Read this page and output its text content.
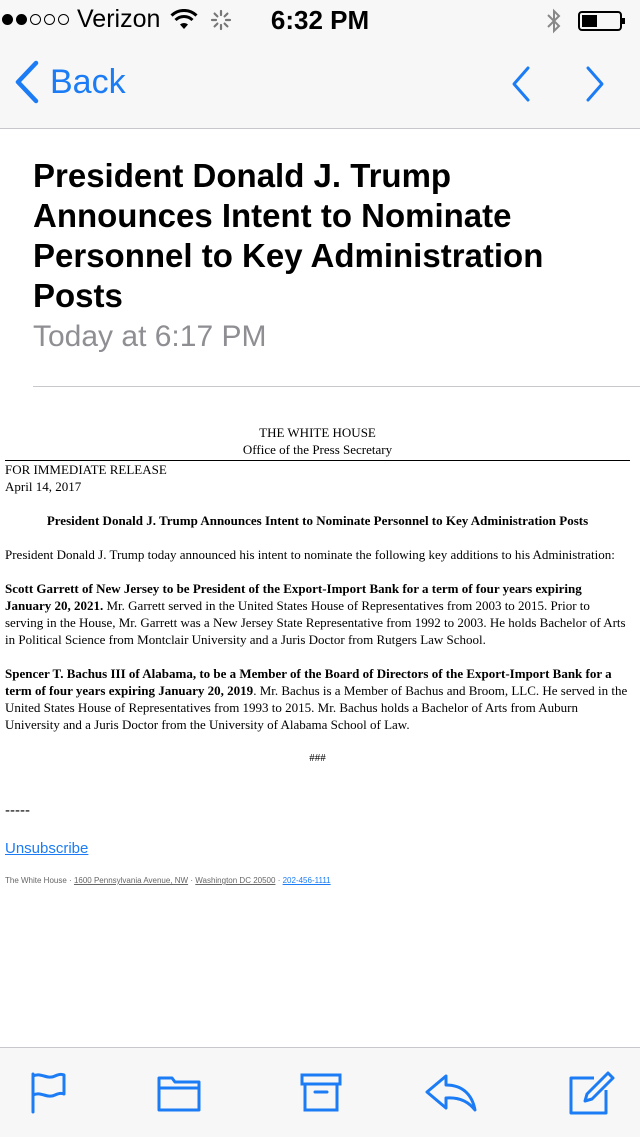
Verizon	6:32 PM
Back
President Donald J. Trump Announces Intent to Nominate Personnel to Key Administration Posts
Today at 6:17 PM
THE WHITE HOUSE
Office of the Press Secretary
FOR IMMEDIATE RELEASE
April 14, 2017
President Donald J. Trump Announces Intent to Nominate Personnel to Key Administration Posts

President Donald J. Trump today announced his intent to nominate the following key additions to his Administration:

Scott Garrett of New Jersey to be President of the Export-Import Bank for a term of four years expiring January 20, 2021. Mr. Garrett served in the United States House of Representatives from 2003 to 2015. Prior to serving in the House, Mr. Garrett was a New Jersey State Representative from 1992 to 2003. He holds Bachelor of Arts in Political Science from Montclair University and a Juris Doctor from Rutgers Law School.

Spencer T. Bachus III of Alabama, to be a Member of the Board of Directors of the Export-Import Bank for a term of four years expiring January 20, 2019. Mr. Bachus is a Member of Bachus and Broom, LLC. He served in the United States House of Representatives from 1993 to 2015. Mr. Bachus holds a Bachelor of Arts from Auburn University and a Juris Doctor from the University of Alabama School of Law.

###
-----
Unsubscribe
The White House · 1600 Pennsylvania Avenue, NW · Washington DC 20500 · 202-456-1111
